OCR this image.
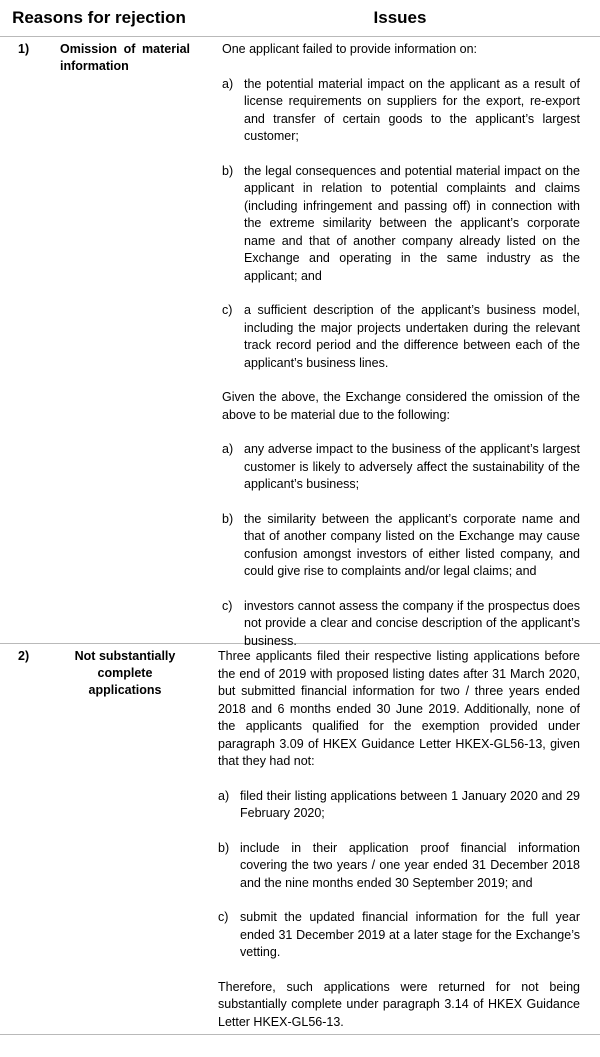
Reasons for rejection	Issues
1) Omission of material information

One applicant failed to provide information on:

a) the potential material impact on the applicant as a result of license requirements on suppliers for the export, re-export and transfer of certain goods to the applicant’s largest customer;
b) the legal consequences and potential material impact on the applicant in relation to potential complaints and claims (including infringement and passing off) in connection with the extreme similarity between the applicant’s corporate name and that of another company already listed on the Exchange and operating in the same industry as the applicant; and
c) a sufficient description of the applicant’s business model, including the major projects undertaken during the relevant track record period and the difference between each of the applicant’s business lines.

Given the above, the Exchange considered the omission of the above to be material due to the following:

a) any adverse impact to the business of the applicant’s largest customer is likely to adversely affect the sustainability of the applicant’s business;
b) the similarity between the applicant’s corporate name and that of another company listed on the Exchange may cause confusion amongst investors of either listed company, and could give rise to complaints and/or legal claims; and
c) investors cannot assess the company if the prospectus does not provide a clear and concise description of the applicant’s business.
2)	Not substantially complete applications

Three applicants filed their respective listing applications before the end of 2019 with proposed listing dates after 31 March 2020, but submitted financial information for two / three years ended 2018 and 6 months ended 30 June 2019. Additionally, none of the applicants qualified for the exemption provided under paragraph 3.09 of HKEX Guidance Letter HKEX-GL56-13, given that they had not:

a) filed their listing applications between 1 January 2020 and 29 February 2020;
b) include in their application proof financial information covering the two years / one year ended 31 December 2018 and the nine months ended 30 September 2019; and
c) submit the updated financial information for the full year ended 31 December 2019 at a later stage for the Exchange’s vetting.

Therefore, such applications were returned for not being substantially complete under paragraph 3.14 of HKEX Guidance Letter HKEX-GL56-13.
